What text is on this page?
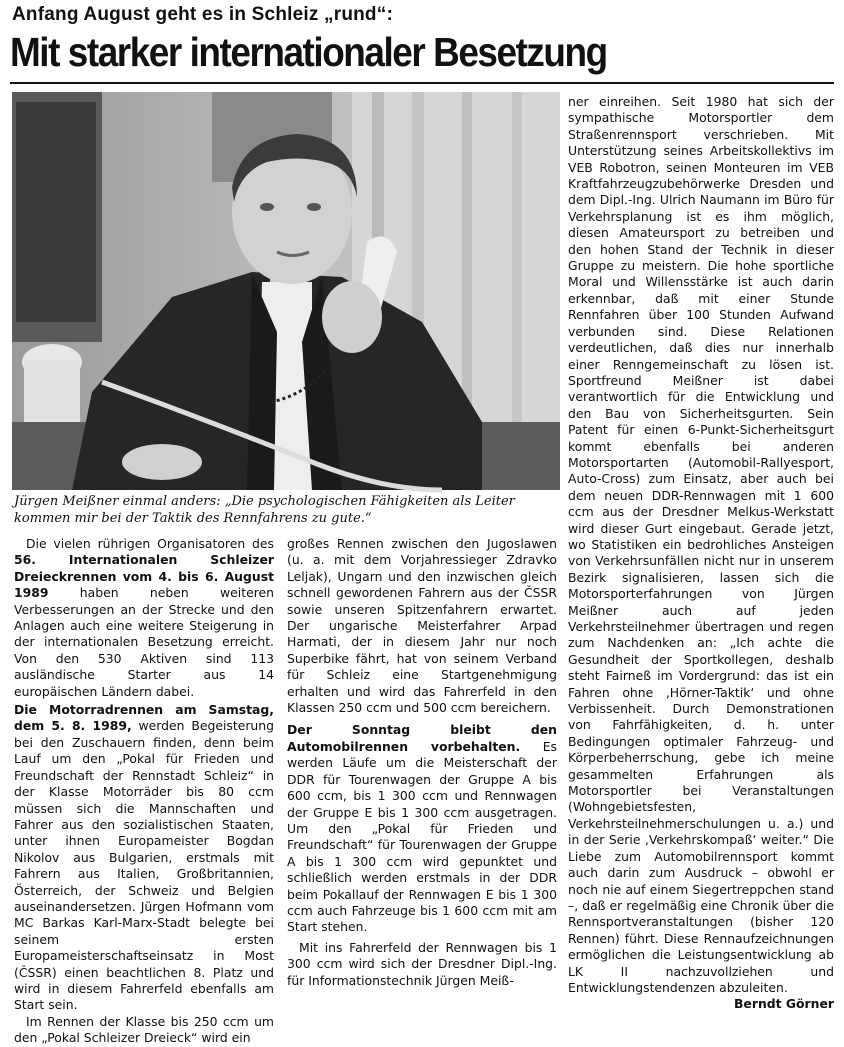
Anfang August geht es in Schleiz „rund“:
Mit starker internationaler Besetzung
Jürgen Meißner einmal anders: „Die psychologischen Fähigkeiten als Leiter kommen mir bei der Taktik des Rennfahrens zu gute.“

Die vielen rührigen Organisatoren des 56. Internationalen Schleizer Dreieckrennen vom 4. bis 6. August 1989 haben neben weiteren Verbesserungen an der Strecke und den Anlagen auch eine weitere Steigerung in der internationalen Besetzung erreicht. Von den 530 Aktiven sind 113 ausländische Starter aus 14 europäischen Ländern dabei.

Die Motorradrennen am Samstag, dem 5. 8. 1989, werden Begeisterung bei den Zuschauern finden, denn beim Lauf um den „Pokal für Frieden und Freundschaft der Rennstadt Schleiz“ in der Klasse Motorräder bis 80 ccm müssen sich die Mannschaften und Fahrer aus den sozialistischen Staaten, unter ihnen Europameister Bogdan Nikolov aus Bulgarien, erstmals mit Fahrern aus Italien, Großbritannien, Österreich, der Schweiz und Belgien auseinandersetzen. Jürgen Hofmann vom MC Barkas Karl-Marx-Stadt belegte bei seinem ersten Europameisterschaftseinsatz in Most (ČSSR) einen beachtlichen 8. Platz und wird in diesem Fahrerfeld ebenfalls am Start sein.

Im Rennen der Klasse bis 250 ccm um den „Pokal Schleizer Dreieck“ wird ein

großes Rennen zwischen den Jugoslawen (u. a. mit dem Vorjahressieger Zdravko Leljak), Ungarn und den inzwischen gleich schnell gewordenen Fahrern aus der ČSSR sowie unseren Spitzenfahrern erwartet. Der ungarische Meisterfahrer Arpad Harmati, der in diesem Jahr nur noch Superbike fährt, hat von seinem Verband für Schleiz eine Startgenehmigung erhalten und wird das Fahrerfeld in den Klassen 250 ccm und 500 ccm bereichern.

Der Sonntag bleibt den Automobilrennen vorbehalten. Es werden Läufe um die Meisterschaft der DDR für Tourenwagen der Gruppe A bis 600 ccm, bis 1 300 ccm und Rennwagen der Gruppe E bis 1 300 ccm ausgetragen. Um den „Pokal für Frieden und Freundschaft“ für Tourenwagen der Gruppe A bis 1 300 ccm wird gepunktet und schließlich werden erstmals in der DDR beim Pokallauf der Rennwagen E bis 1 300 ccm auch Fahrzeuge bis 1 600 ccm mit am Start stehen.

Mit ins Fahrerfeld der Rennwagen bis 1 300 ccm wird sich der Dresdner Dipl.-Ing. für Informationstechnik Jürgen Meiß-

ner einreihen. Seit 1980 hat sich der sympathische Motorsportler dem Straßenrennsport verschrieben. Mit Unterstützung seines Arbeitskollektivs im VEB Robotron, seinen Monteuren im VEB Kraftfahrzeugzubehörwerke Dresden und dem Dipl.-Ing. Ulrich Naumann im Büro für Verkehrsplanung ist es ihm möglich, diesen Amateursport zu betreiben und den hohen Stand der Technik in dieser Gruppe zu meistern. Die hohe sportliche Moral und Willensstärke ist auch darin erkennbar, daß mit einer Stunde Rennfahren über 100 Stunden Aufwand verbunden sind. Diese Relationen verdeutlichen, daß dies nur innerhalb einer Renngemeinschaft zu lösen ist. Sportfreund Meißner ist dabei verantwortlich für die Entwicklung und den Bau von Sicherheitsgurten. Sein Patent für einen 6-Punkt-Sicherheitsgurt kommt ebenfalls bei anderen Motorsportarten (Automobil-Rallyesport, Auto-Cross) zum Einsatz, aber auch bei dem neuen DDR-Rennwagen mit 1 600 ccm aus der Dresdner Melkus-Werkstatt wird dieser Gurt eingebaut. Gerade jetzt, wo Statistiken ein bedrohliches Ansteigen von Verkehrsunfällen nicht nur in unserem Bezirk signalisieren, lassen sich die Motorsporterfahrungen von Jürgen Meißner auch auf jeden Verkehrsteilnehmer übertragen und regen zum Nachdenken an: „Ich achte die Gesundheit der Sportkollegen, deshalb steht Fairneß im Vordergrund: das ist ein Fahren ohne ‚Hörner-Taktik‘ und ohne Verbissenheit. Durch Demonstrationen von Fahrfähigkeiten, d. h. unter Bedingungen optimaler Fahrzeug- und Körperbeherrschung, gebe ich meine gesammelten Erfahrungen als Motorsportler bei Veranstaltungen (Wohngebietsfesten, Verkehrsteilnehmerschulungen u. a.) und in der Serie ‚Verkehrskompaß‘ weiter.“ Die Liebe zum Automobilrennsport kommt auch darin zum Ausdruck – obwohl er noch nie auf einem Siegertreppchen stand –, daß er regelmäßig eine Chronik über die Rennsportveranstaltungen (bisher 120 Rennen) führt. Diese Rennaufzeichnungen ermöglichen die Leistungsentwicklung ab LK II nachzuvollziehen und Entwicklungstendenzen abzuleiten.

Berndt Görner
